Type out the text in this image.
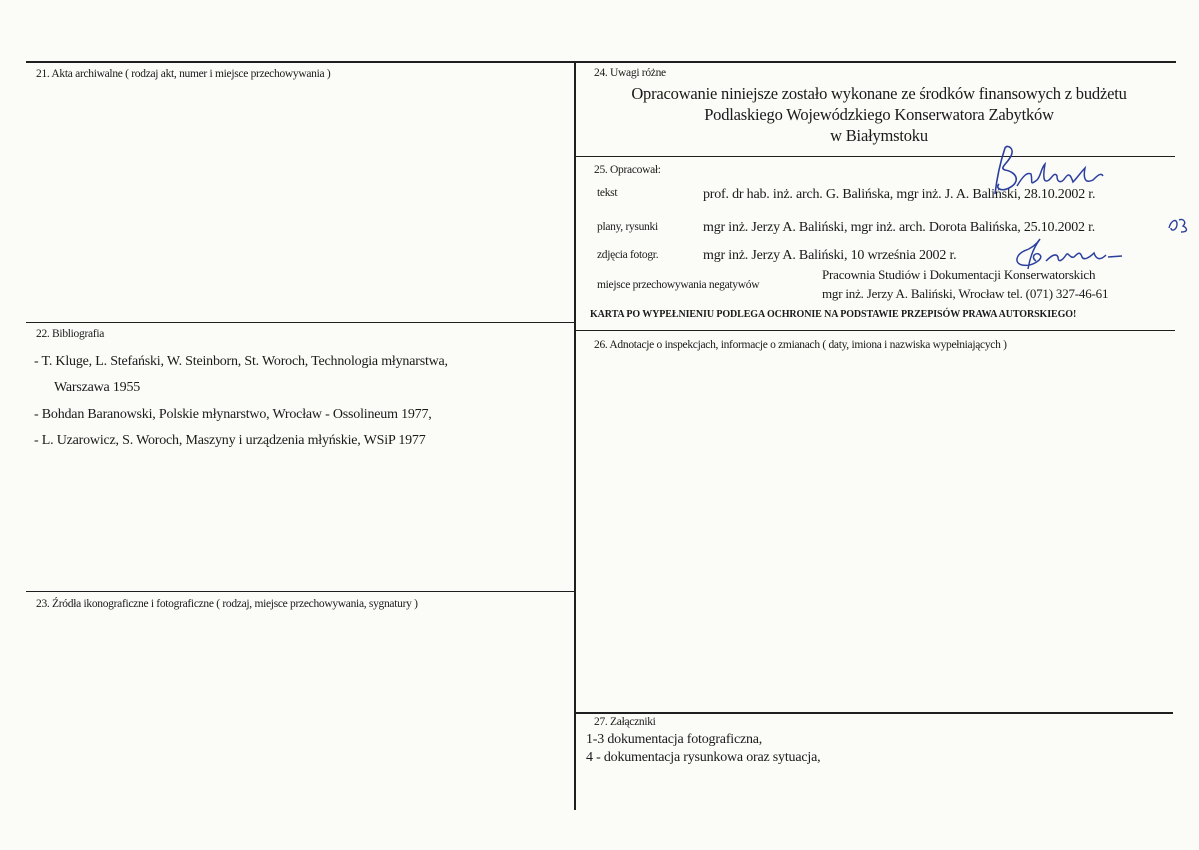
21. Akta archiwalne ( rodzaj akt, numer i miejsce przechowywania )
22. Bibliografia
- T. Kluge, L. Stefański, W. Steinborn, St. Woroch, Technologia młynarstwa,
Warszawa 1955
- Bohdan Baranowski, Polskie młynarstwo, Wrocław - Ossolineum 1977,
- L. Uzarowicz, S. Woroch, Maszyny i urządzenia młyńskie, WSiP 1977
23. Źródła ikonograficzne i fotograficzne ( rodzaj, miejsce przechowywania, sygnatury )
24. Uwagi różne
Opracowanie niniejsze zostało wykonane ze środków finansowych z budżetu
Podlaskiego Wojewódzkiego Konserwatora Zabytków
w Białymstoku
25. Opracował:
tekst	prof. dr hab. inż. arch. G. Balińska, mgr inż. J. A. Baliński, 28.10.2002 r.
plany, rysunki	mgr inż. Jerzy A. Baliński, mgr inż. arch. Dorota Balińska, 25.10.2002 r.
zdjęcia fotogr.	mgr inż. Jerzy A. Baliński, 10 września 2002 r.
miejsce przechowywania negatywów
Pracownia Studiów i Dokumentacji Konserwatorskich
mgr inż. Jerzy A. Baliński, Wrocław tel. (071) 327-46-61
KARTA PO WYPEŁNIENIU PODLEGA OCHRONIE NA PODSTAWIE PRZEPISÓW PRAWA AUTORSKIEGO!
26. Adnotacje o inspekcjach, informacje o zmianach ( daty, imiona i nazwiska wypełniających )
27. Załączniki
1-3 dokumentacja fotograficzna,
4 - dokumentacja rysunkowa oraz sytuacja,
